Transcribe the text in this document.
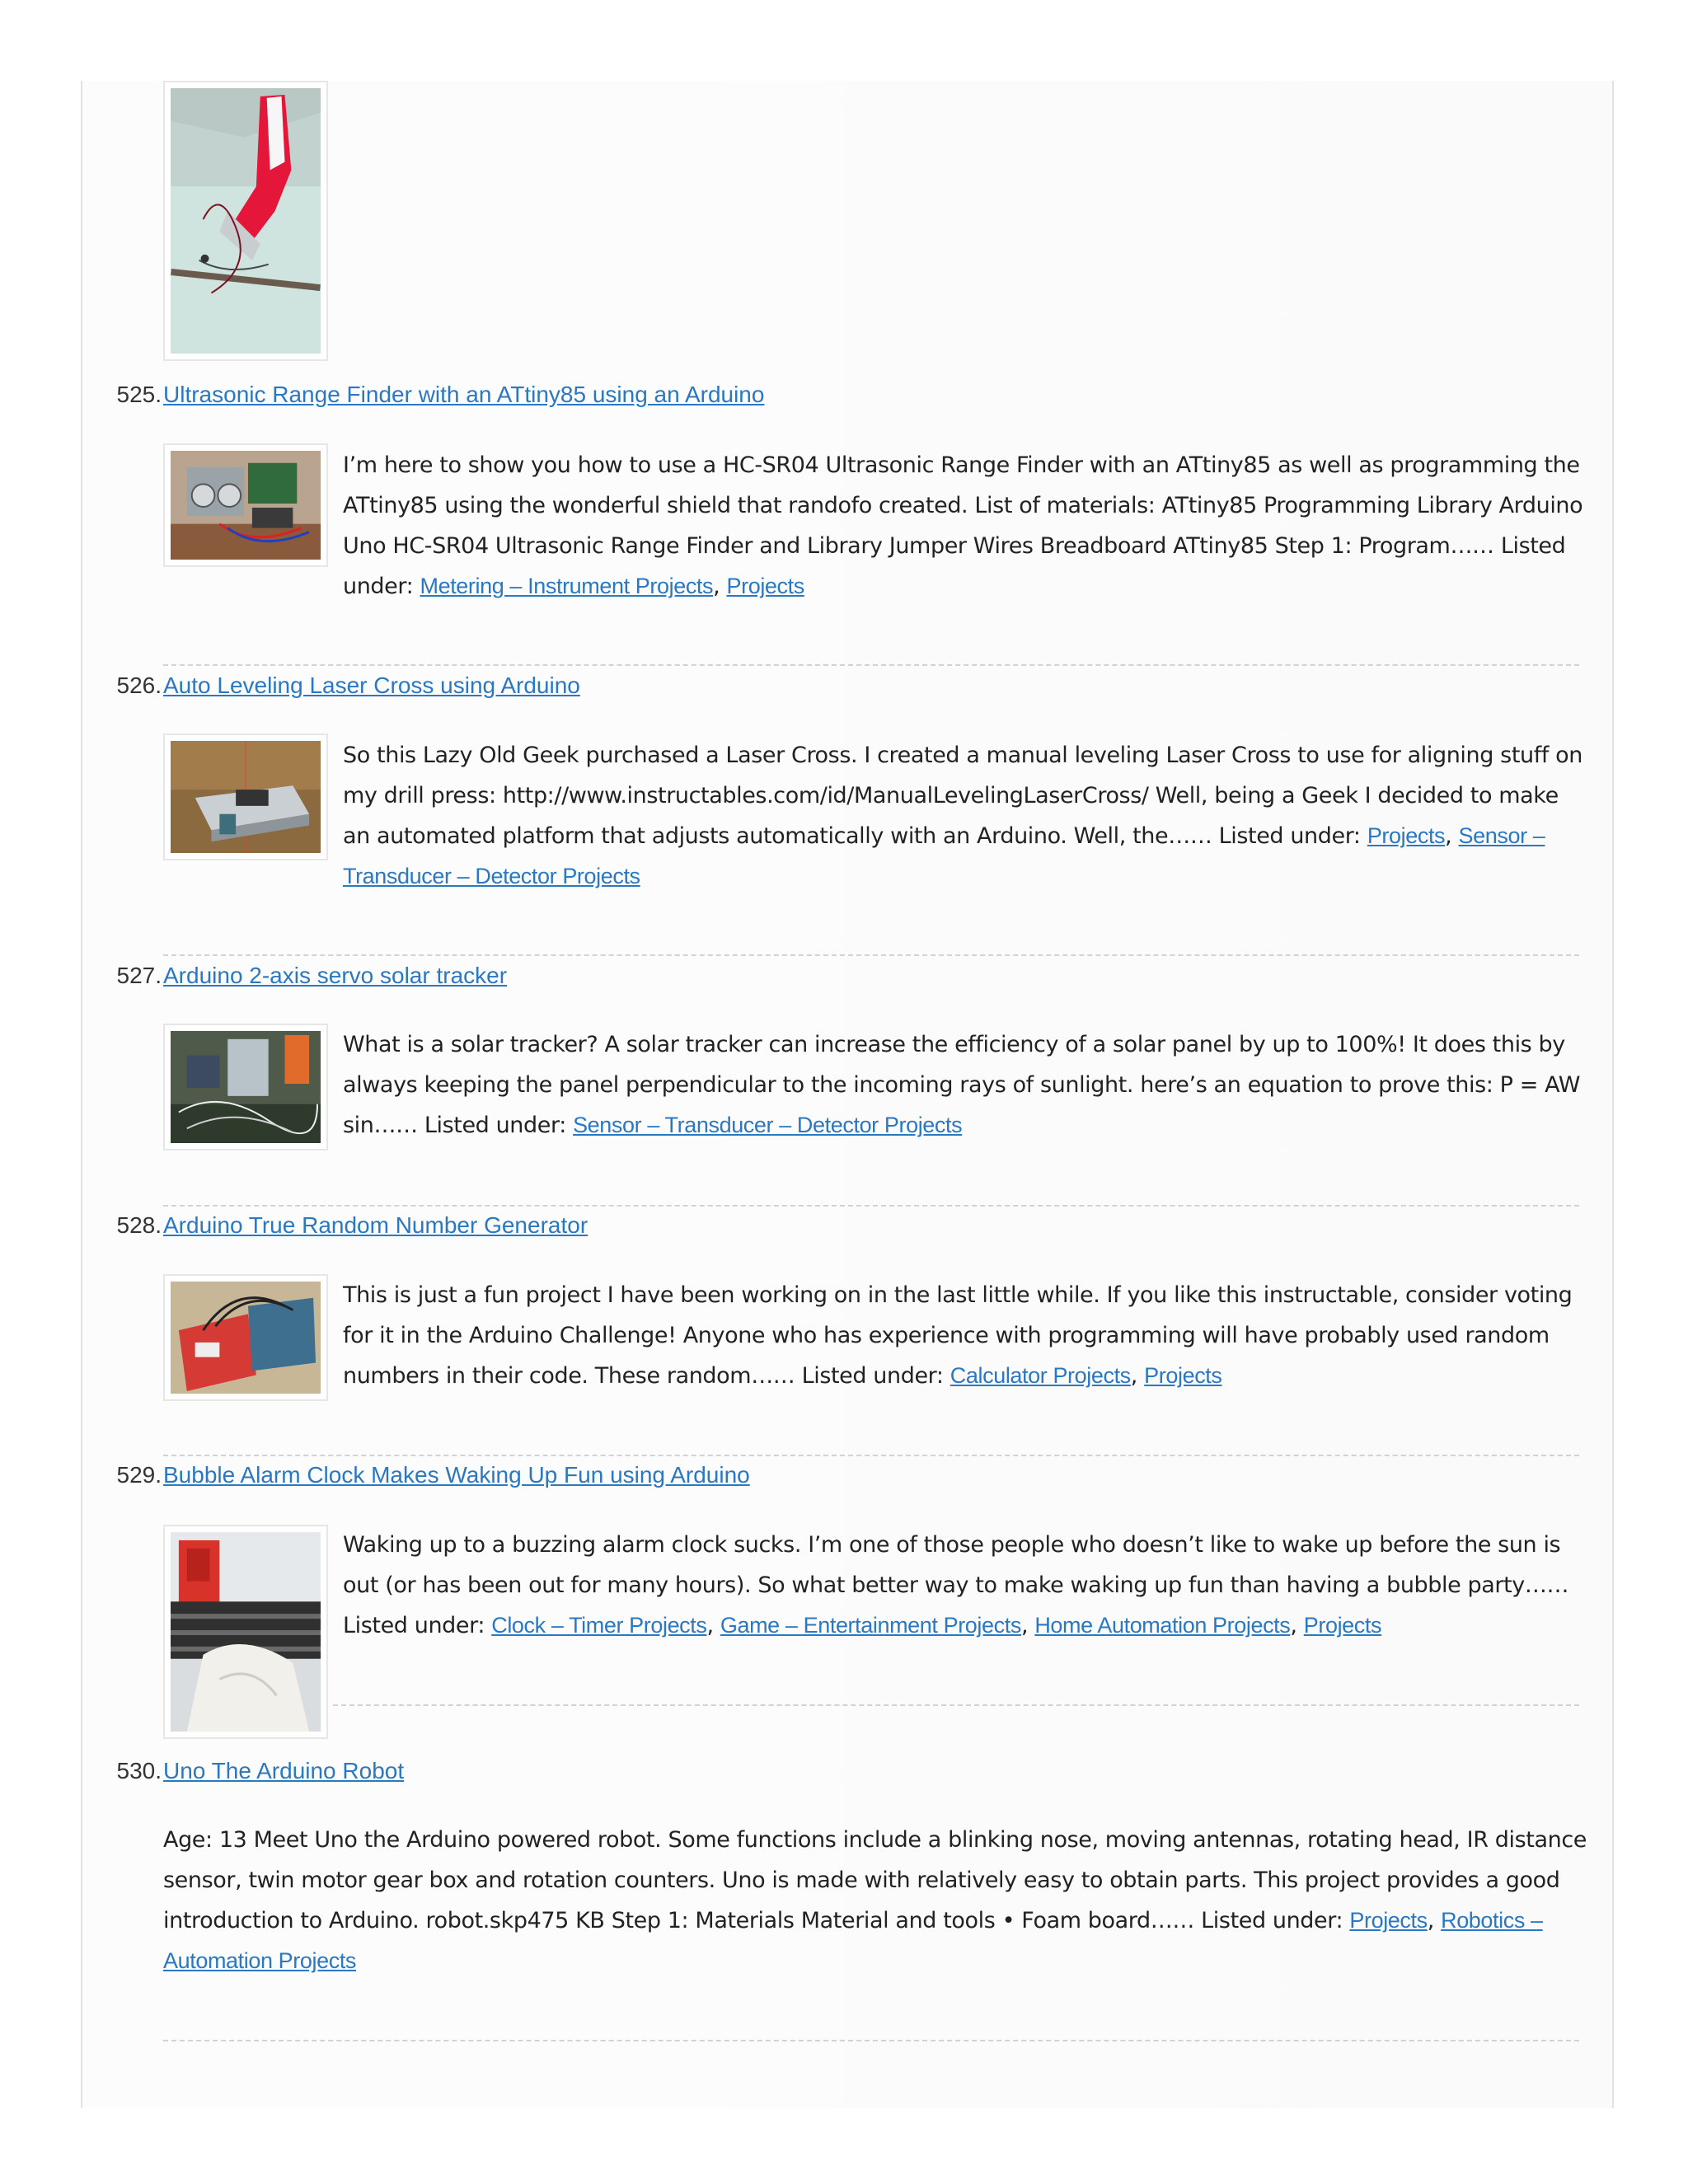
525. Ultrasonic Range Finder with an ATtiny85 using an Arduino
I’m here to show you how to use a HC-SR04 Ultrasonic Range Finder with an ATtiny85 as well as programming the ATtiny85 using the wonderful shield that randofo created. List of materials: ATtiny85 Programming Library Arduino Uno HC-SR04 Ultrasonic Range Finder and Library Jumper Wires Breadboard ATtiny85 Step 1: Program…… Listed under: Metering – Instrument Projects, Projects
526. Auto Leveling Laser Cross using Arduino
So this Lazy Old Geek purchased a Laser Cross. I created a manual leveling Laser Cross to use for aligning stuff on my drill press: http://www.instructables.com/id/ManualLevelingLaserCross/ Well, being a Geek I decided to make an automated platform that adjusts automatically with an Arduino. Well, the…… Listed under: Projects, Sensor – Transducer – Detector Projects
527. Arduino 2-axis servo solar tracker
What is a solar tracker? A solar tracker can increase the efficiency of a solar panel by up to 100%! It does this by always keeping the panel perpendicular to the incoming rays of sunlight. here’s an equation to prove this: P = AW sin…… Listed under: Sensor – Transducer – Detector Projects
528. Arduino True Random Number Generator
This is just a fun project I have been working on in the last little while. If you like this instructable, consider voting for it in the Arduino Challenge! Anyone who has experience with programming will have probably used random numbers in their code. These random…… Listed under: Calculator Projects, Projects
529. Bubble Alarm Clock Makes Waking Up Fun using Arduino
Waking up to a buzzing alarm clock sucks. I’m one of those people who doesn’t like to wake up before the sun is out (or has been out for many hours). So what better way to make waking up fun than having a bubble party…… Listed under: Clock – Timer Projects, Game – Entertainment Projects, Home Automation Projects, Projects
530. Uno The Arduino Robot
Age: 13 Meet Uno the Arduino powered robot. Some functions include a blinking nose, moving antennas, rotating head, IR distance sensor, twin motor gear box and rotation counters. Uno is made with relatively easy to obtain parts. This project provides a good introduction to Arduino. robot.skp475 KB Step 1: Materials Material and tools • Foam board…… Listed under: Projects, Robotics – Automation Projects
